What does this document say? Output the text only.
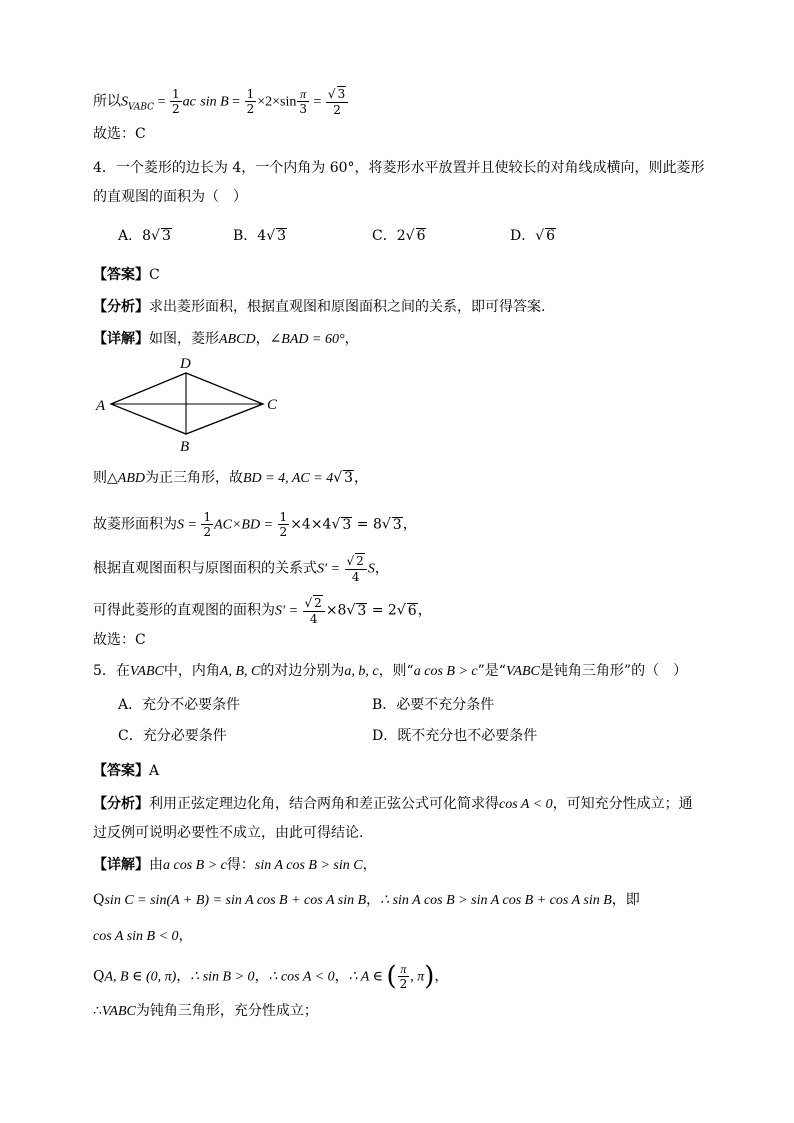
所以$S_{VABC} = \frac{1}{2}$ ac $\sin B = \frac{1}{2} \times 2\times\sin \frac{\pi}{3} = \frac{√ 3}{2}$
故选：C
4．一个菱形的边长为 4，一个内角为 60°，将菱形水平放置并且使较长的对角线成横向，则此菱形
的直观图的面积为（　）
A．8√ 3	B．4√ 3	C．2√ 6	D．√ 6
【答案】C
【分析】求出菱形面积，根据直观图和原图面积之间的关系，即可得答案.
【详解】如图，菱形ABCD，∠BAD = 60°，
A
D
C
B
则△ABD为正三角形，故BD = 4, AC = 4√ 3，
故菱形面积为$S = \frac{1}{2} AC\times BD = \frac{1}{2} \times 4\times 4√$ 3 = 8√ 3，
根据直观图面积与原图面积的关系式$S' = \frac{√ 2}{4}$ S，
可得此菱形的直观图的面积为$S' = \frac{√ 2}{4} \times 8√$ 3 = 2√ 6，
故选：C
5．在VABC中，内角A, B, C的对边分别为a, b, c，则“a cos B > c”是“VABC是钝角三角形”的（　）
A．充分不必要条件	B．必要不充分条件
C．充分必要条件	D．既不充分也不必要条件
【答案】A
【分析】利用正弦定理边化角，结合两角和差正弦公式可化简求得cos A < 0，可知充分性成立；通
过反例可说明必要性不成立，由此可得结论.
【详解】由a cos B > c得：sin A cos B > sin C，
Qsin C = sin(A + B) = sin A cos B + cos A sin B，∴ sin A cos B > sin A cos B + cos A sin B，即
cos A sin B < 0，
QA, B ∈ (0, π)，∴ sin B > 0，∴ cos A < 0，∴ A ∈ ( $\frac{\pi}{2}$ , π)，
∴VABC为钝角三角形，充分性成立；
